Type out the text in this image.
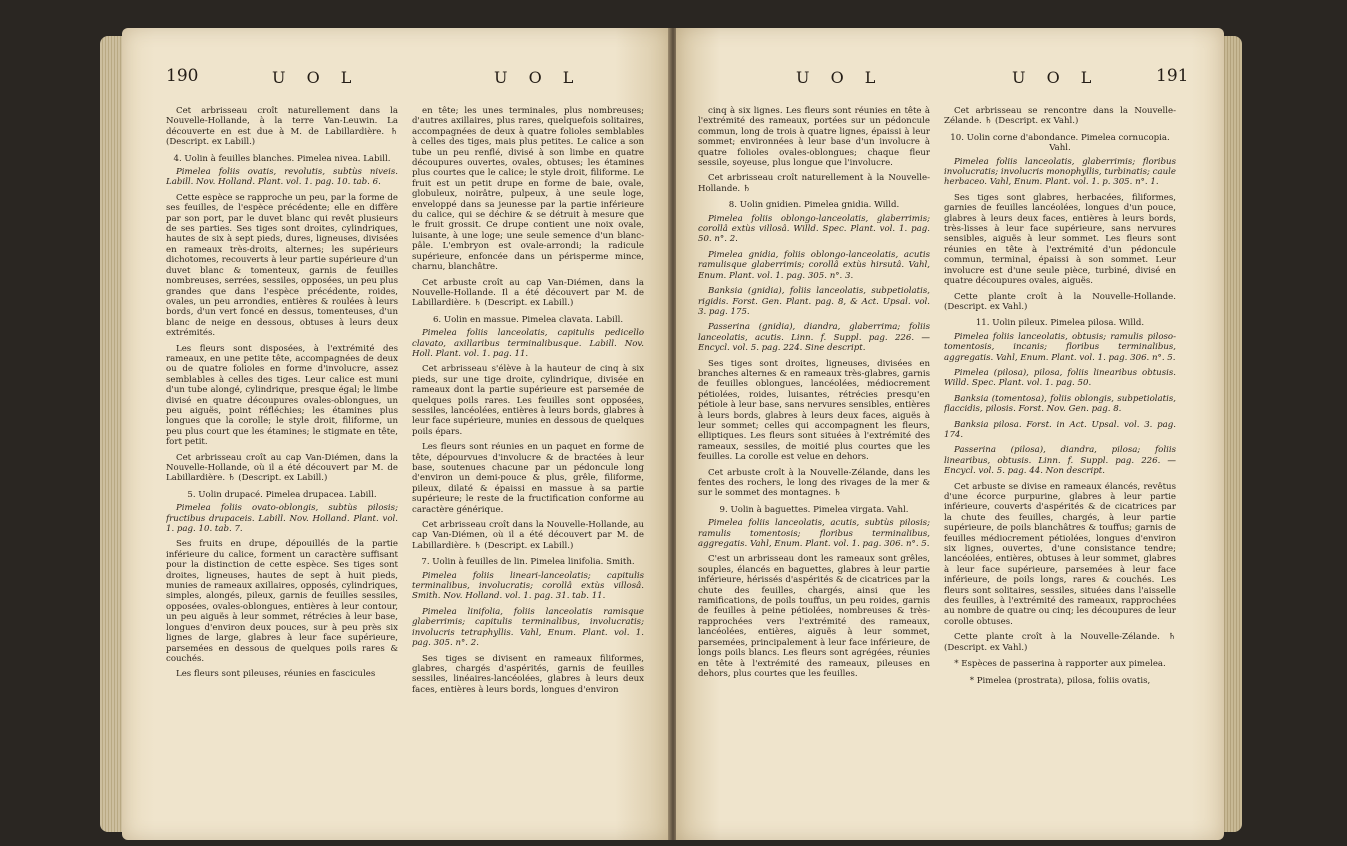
190	U O L	U O L

Cet arbrisseau croît naturellement dans la Nouvelle-Hollande, à la terre Van-Leuwin. La découverte en est due à M. de Labillardière. ♄ (Descript. ex Labill.)

4. Uolin à feuilles blanches. Pimelea nivea. Labill.

Pimelea foliis ovatis, revolutis, subtùs niveis. Labill. Nov. Holland. Plant. vol. 1. pag. 10. tab. 6.

Cette espèce se rapproche un peu, par la forme de ses feuilles, de l'espèce précédente; elle en diffère par son port, par le duvet blanc qui revêt plusieurs de ses parties. Ses tiges sont droites, cylindriques, hautes de six à sept pieds, dures, ligneuses, divisées en rameaux très-droits, alternes; les supérieurs dichotomes, recouverts à leur partie supérieure d'un duvet blanc & tomenteux, garnis de feuilles nombreuses, serrées, sessiles, opposées, un peu plus grandes que dans l'espèce précédente, roides, ovales, un peu arrondies, entières & roulées à leurs bords, d'un vert foncé en dessus, tomenteuses, d'un blanc de neige en dessous, obtuses à leurs deux extrémités.

Les fleurs sont disposées, à l'extrémité des rameaux, en une petite tête, accompagnées de deux ou de quatre folioles en forme d'involucre, assez semblables à celles des tiges. Leur calice est muni d'un tube alongé, cylindrique, presque égal; le limbe divisé en quatre découpures ovales-oblongues, un peu aiguës, point réfléchies; les étamines plus longues que la corolle; le style droit, filiforme, un peu plus court que les étamines; le stigmate en tête, fort petit.

Cet arbrisseau croît au cap Van-Diémen, dans la Nouvelle-Hollande, où il a été découvert par M. de Labillardière. ♄ (Descript. ex Labill.)

5. Uolin drupacé. Pimelea drupacea. Labill.

Pimelea foliis ovato-oblongis, subtùs pilosis; fructibus drupaceis. Labill. Nov. Holland. Plant. vol. 1. pag. 10. tab. 7.

Ses fruits en drupe, dépouillés de la partie inférieure du calice, forment un caractère suffisant pour la distinction de cette espèce. Ses tiges sont droites, ligneuses, hautes de sept à huit pieds, munies de rameaux axillaires, opposés, cylindriques, simples, alongés, pileux, garnis de feuilles sessiles, opposées, ovales-oblongues, entières à leur contour, un peu aiguës à leur sommet, rétrécies à leur base, longues d'environ deux pouces, sur à peu près six lignes de large, glabres à leur face supérieure, parsemées en dessous de quelques poils rares & couchés.

Les fleurs sont pileuses, réunies en fascicules

en tête; les unes terminales, plus nombreuses; d'autres axillaires, plus rares, quelquefois solitaires, accompagnées de deux à quatre folioles semblables à celles des tiges, mais plus petites. Le calice a son tube un peu renflé, divisé à son limbe en quatre découpures ouvertes, ovales, obtuses; les étamines plus courtes que le calice; le style droit, filiforme. Le fruit est un petit drupe en forme de baie, ovale, globuleux, noirâtre, pulpeux, à une seule loge, enveloppé dans sa jeunesse par la partie inférieure du calice, qui se déchire & se détruit à mesure que le fruit grossit. Ce drupe contient une noix ovale, luisante, à une loge; une seule semence d'un blanc-pâle. L'embryon est ovale-arrondi; la radicule supérieure, enfoncée dans un périsperme mince, charnu, blanchâtre.

Cet arbuste croît au cap Van-Diémen, dans la Nouvelle-Hollande. Il a été découvert par M. de Labillardière. ♄ (Descript. ex Labill.)

6. Uolin en massue. Pimelea clavata. Labill.

Pimelea foliis lanceolatis, capitulis pedicello clavato, axillaribus terminalibusque. Labill. Nov. Holl. Plant. vol. 1. pag. 11.

Cet arbrisseau s'élève à la hauteur de cinq à six pieds, sur une tige droite, cylindrique, divisée en rameaux dont la partie supérieure est parsemée de quelques poils rares. Les feuilles sont opposées, sessiles, lancéolées, entières à leurs bords, glabres à leur face supérieure, munies en dessous de quelques poils épars.

Les fleurs sont réunies en un paquet en forme de tête, dépourvues d'involucre & de bractées à leur base, soutenues chacune par un pédoncule long d'environ un demi-pouce & plus, grêle, filiforme, pileux, dilaté & épaissi en massue à sa partie supérieure; le reste de la fructification conforme au caractère générique.

Cet arbrisseau croît dans la Nouvelle-Hollande, au cap Van-Diémen, où il a été découvert par M. de Labillardière. ♄ (Descript. ex Labill.)

7. Uolin à feuilles de lin. Pimelea linifolia. Smith.

Pimelea foliis lineari-lanceolatis; capitulis terminalibus, involucratis; corollâ extùs villosâ. Smith. Nov. Holland. vol. 1. pag. 31. tab. 11.

Pimelea linifolia, foliis lanceolatis ramisque glaberrimis; capitulis terminalibus, involucratis; involucris tetraphyllis. Vahl, Enum. Plant. vol. 1. pag. 305. n°. 2.

Ses tiges se divisent en rameaux filiformes, glabres, chargés d'aspérités, garnis de feuilles sessiles, linéaires-lancéolées, glabres à leurs deux faces, entières à leurs bords, longues d'environ

U O L	U O L	191

cinq à six lignes. Les fleurs sont réunies en tête à l'extrémité des rameaux, portées sur un pédoncule commun, long de trois à quatre lignes, épaissi à leur sommet; environnées à leur base d'un involucre à quatre folioles ovales-oblongues; chaque fleur sessile, soyeuse, plus longue que l'involucre.

Cet arbrisseau croît naturellement à la Nouvelle-Hollande. ♄

8. Uolin gnidien. Pimelea gnidia. Willd.

Pimelea foliis oblongo-lanceolatis, glaberrimis; corollâ extùs villosâ. Willd. Spec. Plant. vol. 1. pag. 50. n°. 2.

Pimelea gnidia, foliis oblongo-lanceolatis, acutis ramulisque glaberrimis; corollâ extùs hirsutâ. Vahl, Enum. Plant. vol. 1. pag. 305. n°. 3.

Banksia (gnidia), foliis lanceolatis, subpetiolatis, rigidis. Forst. Gen. Plant. pag. 8, & Act. Upsal. vol. 3. pag. 175.

Passerina (gnidia), diandra, glaberrima; foliis lanceolatis, acutis. Linn. f. Suppl. pag. 226. — Encycl. vol. 5. pag. 224. Sine descript.

Ses tiges sont droites, ligneuses, divisées en branches alternes & en rameaux très-glabres, garnis de feuilles oblongues, lancéolées, médiocrement pétiolées, roides, luisantes, rétrécies presqu'en pétiole à leur base, sans nervures sensibles, entières à leurs bords, glabres à leurs deux faces, aiguës à leur sommet; celles qui accompagnent les fleurs, elliptiques. Les fleurs sont situées à l'extrémité des rameaux, sessiles, de moitié plus courtes que les feuilles. La corolle est velue en dehors.

Cet arbuste croît à la Nouvelle-Zélande, dans les fentes des rochers, le long des rivages de la mer & sur le sommet des montagnes. ♄

9. Uolin à baguettes. Pimelea virgata. Vahl.

Pimelea foliis lanceolatis, acutis, subtùs pilosis; ramulis tomentosis; floribus terminalibus, aggregatis. Vahl, Enum. Plant. vol. 1. pag. 306. n°. 5.

C'est un arbrisseau dont les rameaux sont grêles, souples, élancés en baguettes, glabres à leur partie inférieure, hérissés d'aspérités & de cicatrices par la chute des feuilles, chargés, ainsi que les ramifications, de poils touffus, un peu roides, garnis de feuilles à peine pétiolées, nombreuses & très-rapprochées vers l'extrémité des rameaux, lancéolées, entières, aiguës à leur sommet, parsemées, principalement à leur face inférieure, de longs poils blancs. Les fleurs sont agrégées, réunies en tête à l'extrémité des rameaux, pileuses en dehors, plus courtes que les feuilles.

Cet arbrisseau se rencontre dans la Nouvelle-Zélande. ♄ (Descript. ex Vahl.)

10. Uolin corne d'abondance. Pimelea cornucopia. Vahl.

Pimelea foliis lanceolatis, glaberrimis; floribus involucratis; involucris monophyllis, turbinatis; caule herbaceo. Vahl, Enum. Plant. vol. 1. p. 305. n°. 1.

Ses tiges sont glabres, herbacées, filiformes, garnies de feuilles lancéolées, longues d'un pouce, glabres à leurs deux faces, entières à leurs bords, très-lisses à leur face supérieure, sans nervures sensibles, aiguës à leur sommet. Les fleurs sont réunies en tête à l'extrémité d'un pédoncule commun, terminal, épaissi à son sommet. Leur involucre est d'une seule pièce, turbiné, divisé en quatre découpures ovales, aiguës.

Cette plante croît à la Nouvelle-Hollande. (Descript. ex Vahl.)

11. Uolin pileux. Pimelea pilosa. Willd.

Pimelea foliis lanceolatis, obtusis; ramulis piloso-tomentosis, incanis; floribus terminalibus, aggregatis. Vahl, Enum. Plant. vol. 1. pag. 306. n°. 5.

Pimelea (pilosa), pilosa, foliis linearibus obtusis. Willd. Spec. Plant. vol. 1. pag. 50.

Banksia (tomentosa), foliis oblongis, subpetiolatis, flaccidis, pilosis. Forst. Nov. Gen. pag. 8.

Banksia pilosa. Forst. in Act. Upsal. vol. 3. pag. 174.

Passerina (pilosa), diandra, pilosa; foliis linearibus, obtusis. Linn. f. Suppl. pag. 226. — Encycl. vol. 5. pag. 44. Non descript.

Cet arbuste se divise en rameaux élancés, revêtus d'une écorce purpurine, glabres à leur partie inférieure, couverts d'aspérités & de cicatrices par la chute des feuilles, chargés, à leur partie supérieure, de poils blanchâtres & touffus; garnis de feuilles médiocrement pétiolées, longues d'environ six lignes, ouvertes, d'une consistance tendre; lancéolées, entières, obtuses à leur sommet, glabres à leur face supérieure, parsemées à leur face inférieure, de poils longs, rares & couchés. Les fleurs sont solitaires, sessiles, situées dans l'aisselle des feuilles, à l'extrémité des rameaux, rapprochées au nombre de quatre ou cinq; les découpures de leur corolle obtuses.

Cette plante croît à la Nouvelle-Zélande. ♄ (Descript. ex Vahl.)

* Espèces de passerina à rapporter aux pimelea.

* Pimelea (prostrata), pilosa, foliis ovatis,
